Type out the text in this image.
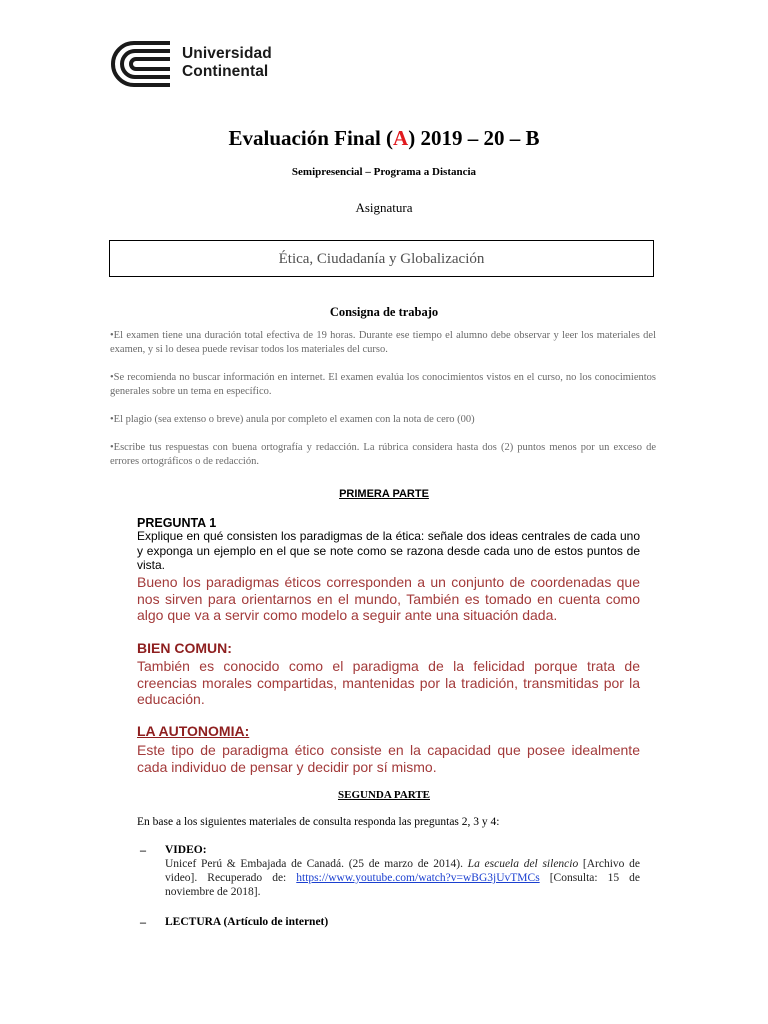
Universidad
Continental
Evaluación Final (A) 2019 – 20 – B
Semipresencial – Programa a Distancia
Asignatura
Ética, Ciudadanía y Globalización
Consigna de trabajo

•El examen tiene una duración total efectiva de 19 horas. Durante ese tiempo el alumno debe observar y leer los materiales del examen, y si lo desea puede revisar todos los materiales del curso.

•Se recomienda no buscar información en internet. El examen evalúa los conocimientos vistos en el curso, no los conocimientos generales sobre un tema en específico.

•El plagio (sea extenso o breve) anula por completo el examen con la nota de cero (00)

•Escribe tus respuestas con buena ortografía y redacción. La rúbrica considera hasta dos (2) puntos menos por un exceso de errores ortográficos o de redacción.

PRIMERA PARTE
PREGUNTA 1

Explique en qué consisten los paradigmas de la ética: señale dos ideas centrales de cada uno y exponga un ejemplo en el que se note como se razona desde cada uno de estos puntos de vista.

Bueno los paradigmas éticos corresponden a un conjunto de coordenadas que nos sirven para orientarnos en el mundo, También es tomado en cuenta como algo que va a servir como modelo a seguir ante una situación dada.

BIEN COMUN:

También es conocido como el paradigma de la felicidad porque trata de creencias morales compartidas, mantenidas por la tradición, transmitidas por la educación.

LA AUTONOMIA:

Este tipo de paradigma ético consiste en la capacidad que posee idealmente cada individuo de pensar y decidir por sí mismo.

SEGUNDA PARTE
En base a los siguientes materiales de consulta responda las preguntas 2, 3 y 4:
– VIDEO:

Unicef Perú & Embajada de Canadá. (25 de marzo de 2014). La escuela del silencio [Archivo de video]. Recuperado de: https://www.youtube.com/watch?v=wBG3jUvTMCs [Consulta: 15 de noviembre de 2018].

– LECTURA (Artículo de internet)
